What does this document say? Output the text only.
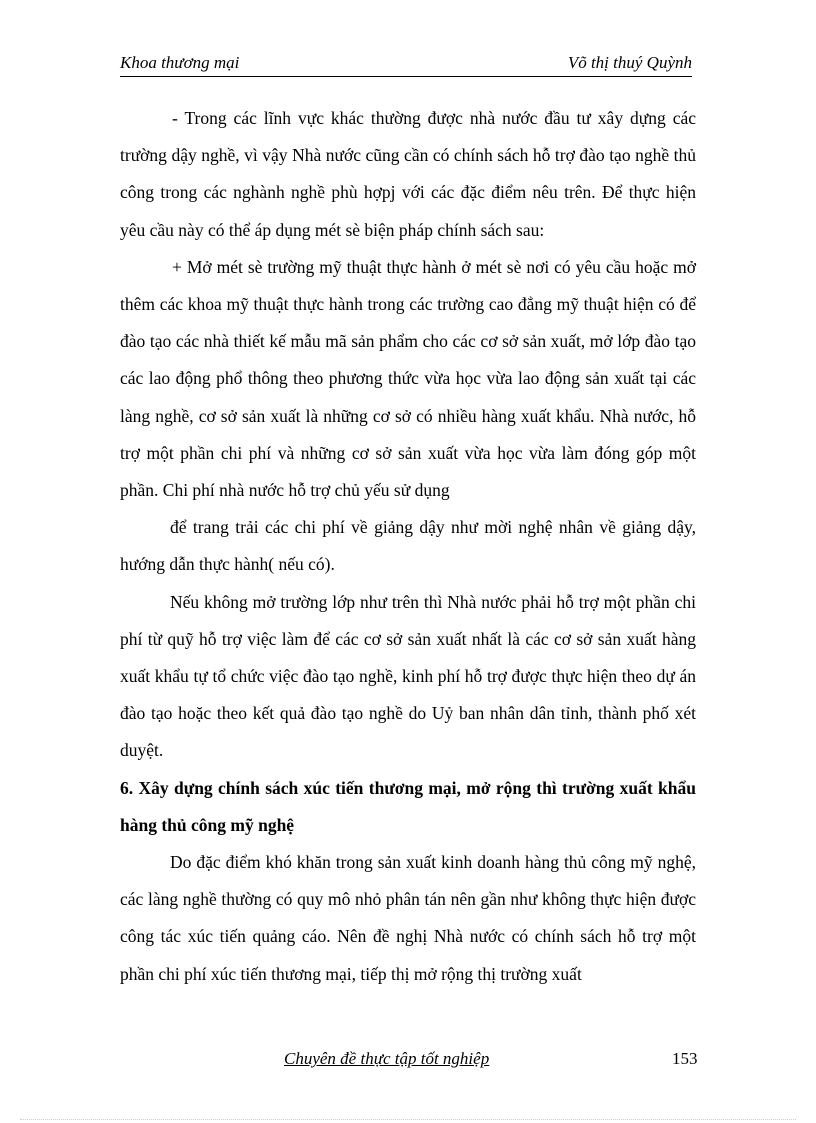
Khoa thương mại	Võ thị thuý Quỳnh

- Trong các lĩnh vực khác thường được nhà nước đầu tư xây dựng các trường dậy nghề, vì vậy Nhà nước cũng cần có chính sách hỗ trợ đào tạo nghề thủ công trong các nghành nghề phù hợpj với các đặc điểm nêu trên. Để thực hiện yêu cầu này có thể áp dụng mét sè biện pháp chính sách sau:

+ Mở mét sè trường mỹ thuật thực hành ở mét sè nơi có yêu cầu hoặc mở thêm các khoa mỹ thuật thực hành trong các trường cao đẳng mỹ thuật hiện có để đào tạo các nhà thiết kế mẫu mã sản phẩm cho các cơ sở sản xuất, mở lớp đào tạo các lao động phổ thông theo phương thức vừa học vừa lao động sản xuất tại các làng nghề, cơ sở sản xuất là những cơ sở có nhiều hàng xuất khẩu. Nhà nước, hỗ trợ một phần chi phí và những cơ sở sản xuất vừa học vừa làm đóng góp một phần. Chi phí nhà nước hỗ trợ chủ yếu sử dụng

để trang trải các chi phí về giảng dậy như mời nghệ nhân về giảng dậy, hướng dẫn thực hành( nếu có).

Nếu không mở trường lớp như trên thì Nhà nước phải hỗ trợ một phần chi phí từ quỹ hỗ trợ việc làm để các cơ sở sản xuất nhất là các cơ sở sản xuất hàng xuất khẩu tự tổ chức việc đào tạo nghề, kinh phí hỗ trợ được thực hiện theo dự án đào tạo hoặc theo kết quả đào tạo nghề do Uỷ ban nhân dân tỉnh, thành phố xét duyệt.

6. Xây dựng chính sách xúc tiến thương mại, mở rộng thì trường xuất khẩu hàng thủ công mỹ nghệ

Do đặc điểm khó khăn trong sản xuất kinh doanh hàng thủ công mỹ nghệ, các làng nghề thường có quy mô nhỏ phân tán nên gần như không thực hiện được công tác xúc tiến quảng cáo. Nên đề nghị Nhà nước có chính sách hỗ trợ một phần chi phí xúc tiến thương mại, tiếp thị mở rộng thị trường xuất

Chuyên đề thực tập tốt nghiệp	153
